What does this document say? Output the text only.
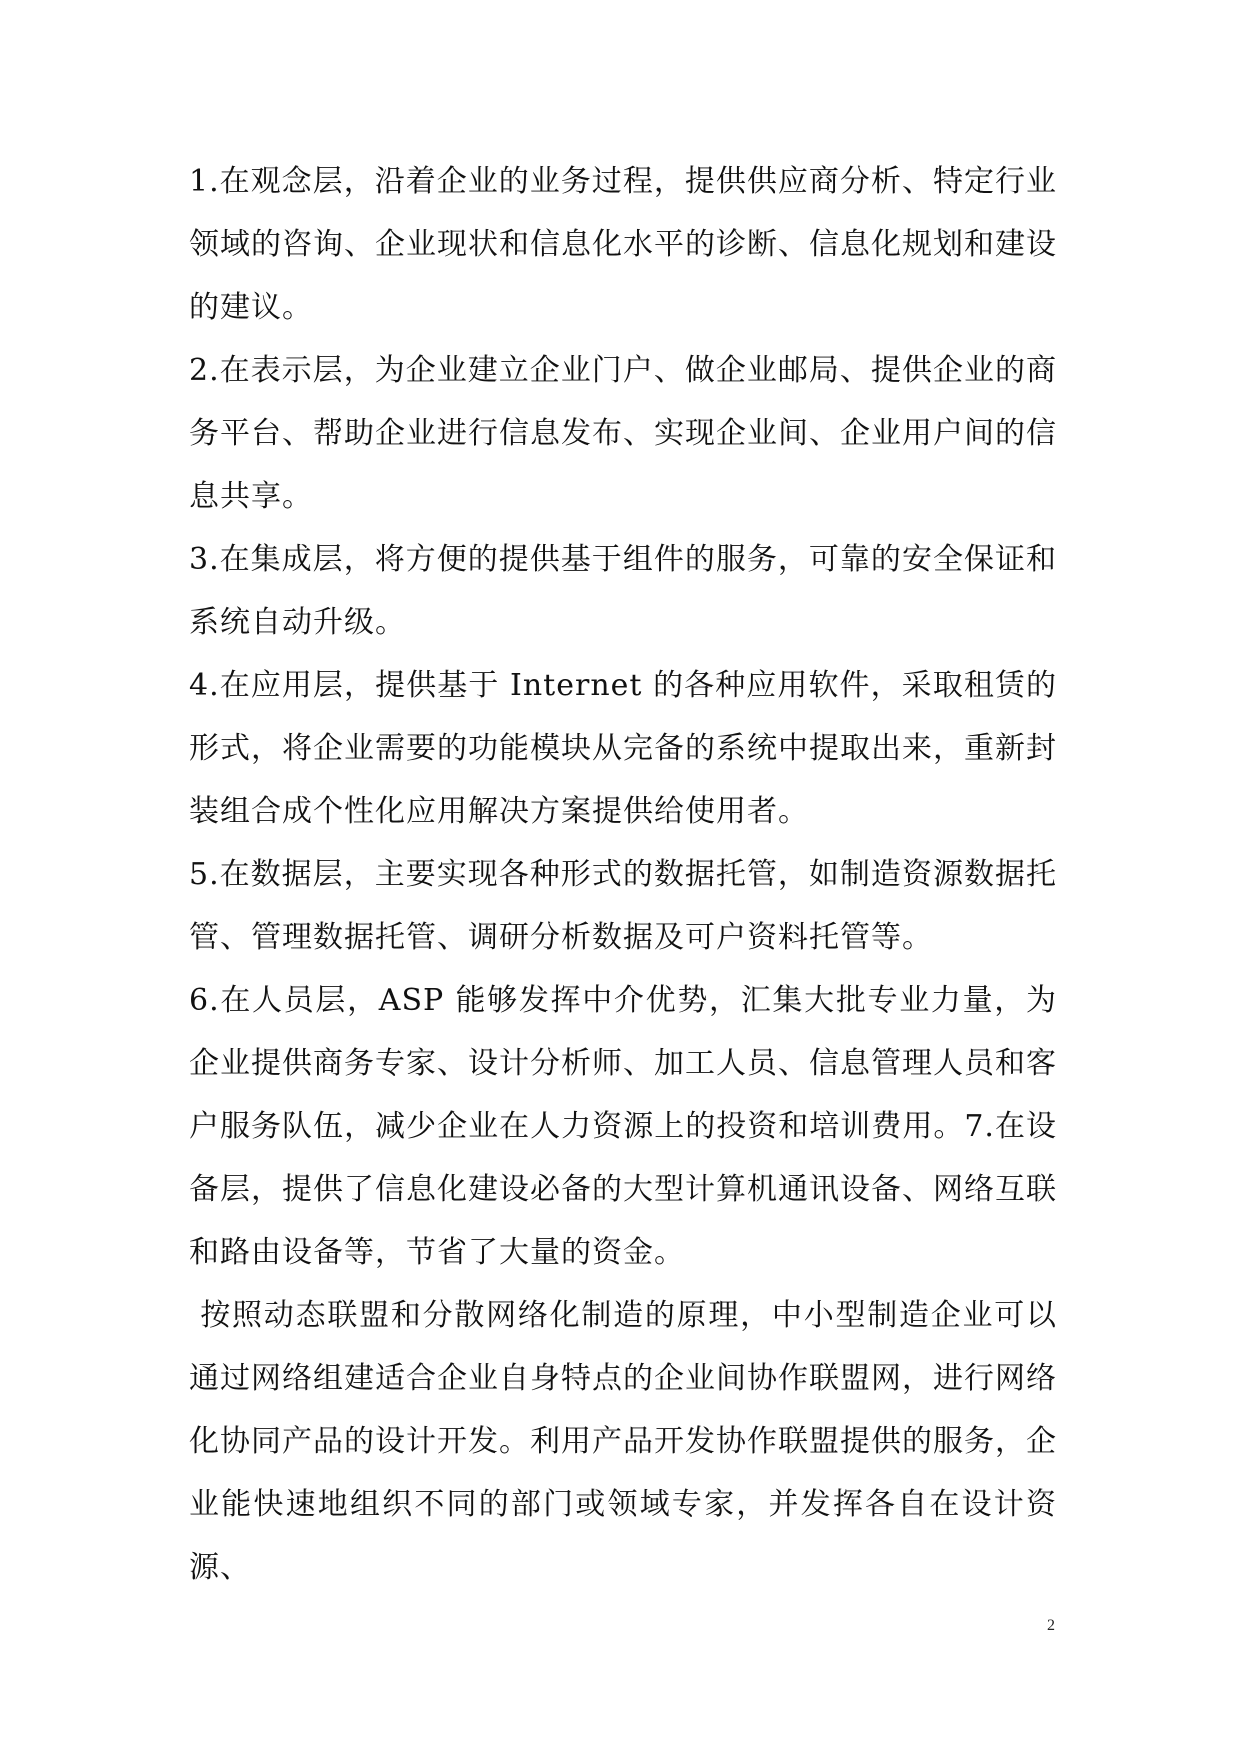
1.在观念层，沿着企业的业务过程，提供供应商分析、特定行业领域的咨询、企业现状和信息化水平的诊断、信息化规划和建设的建议。

2.在表示层，为企业建立企业门户、做企业邮局、提供企业的商务平台、帮助企业进行信息发布、实现企业间、企业用户间的信息共享。

3.在集成层，将方便的提供基于组件的服务，可靠的安全保证和系统自动升级。

4.在应用层，提供基于 Internet 的各种应用软件，采取租赁的形式，将企业需要的功能模块从完备的系统中提取出来，重新封装组合成个性化应用解决方案提供给使用者。

5.在数据层，主要实现各种形式的数据托管，如制造资源数据托管、管理数据托管、调研分析数据及可户资料托管等。

6.在人员层，ASP 能够发挥中介优势，汇集大批专业力量，为企业提供商务专家、设计分析师、加工人员、信息管理人员和客户服务队伍，减少企业在人力资源上的投资和培训费用。7.在设备层，提供了信息化建设必备的大型计算机通讯设备、网络互联和路由设备等，节省了大量的资金。

按照动态联盟和分散网络化制造的原理，中小型制造企业可以通过网络组建适合企业自身特点的企业间协作联盟网，进行网络化协同产品的设计开发。利用产品开发协作联盟提供的服务，企业能快速地组织不同的部门或领域专家，并发挥各自在设计资源、

2
